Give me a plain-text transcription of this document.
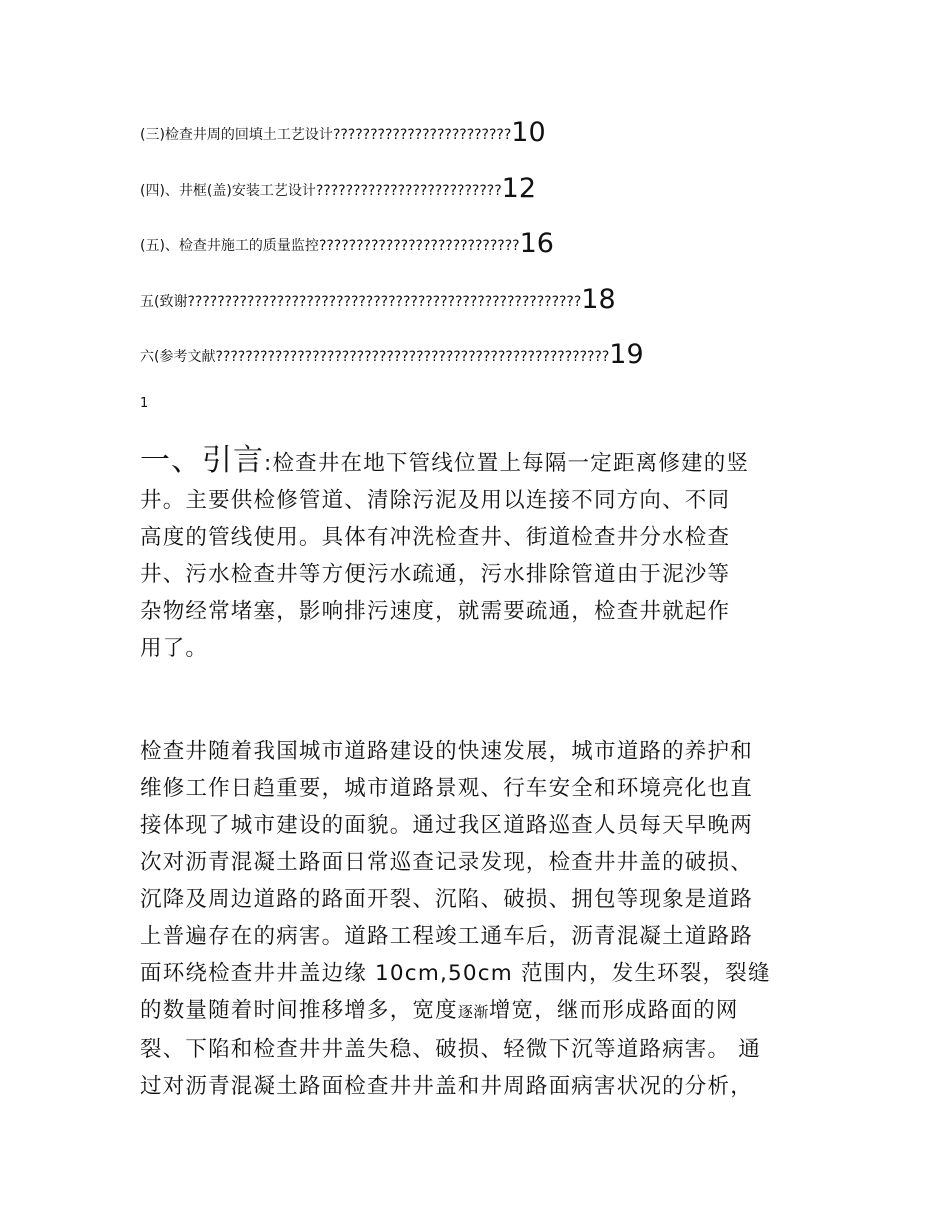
(三)检查井周的回填土工艺设计????????????????????????10
(四)、井框(盖)安装工艺设计?????????????????????????12
(五)、检查井施工的质量监控???????????????????????????16
五(致谢?????????????????????????????????????????????????????18
六(参考文献?????????????????????????????????????????????????????19
1
一、引言:检查井在地下管线位置上每隔一定距离修建的竖
井。主要供检修管道、清除污泥及用以连接不同方向、不同
高度的管线使用。具体有冲洗检查井、街道检查井分水检查
井、污水检查井等方便污水疏通，污水排除管道由于泥沙等
杂物经常堵塞，影响排污速度，就需要疏通，检查井就起作
用了。
检查井随着我国城市道路建设的快速发展，城市道路的养护和
维修工作日趋重要，城市道路景观、行车安全和环境亮化也直
接体现了城市建设的面貌。通过我区道路巡查人员每天早晚两
次对沥青混凝土路面日常巡查记录发现，检查井井盖的破损、
沉降及周边道路的路面开裂、沉陷、破损、拥包等现象是道路
上普遍存在的病害。道路工程竣工通车后，沥青混凝土道路路
面环绕检查井井盖边缘 10cm,50cm 范围内，发生环裂，裂缝
的数量随着时间推移增多，宽度逐渐增宽，继而形成路面的网
裂、下陷和检查井井盖失稳、破损、轻微下沉等道路病害。 通
过对沥青混凝土路面检查井井盖和井周路面病害状况的分析，
